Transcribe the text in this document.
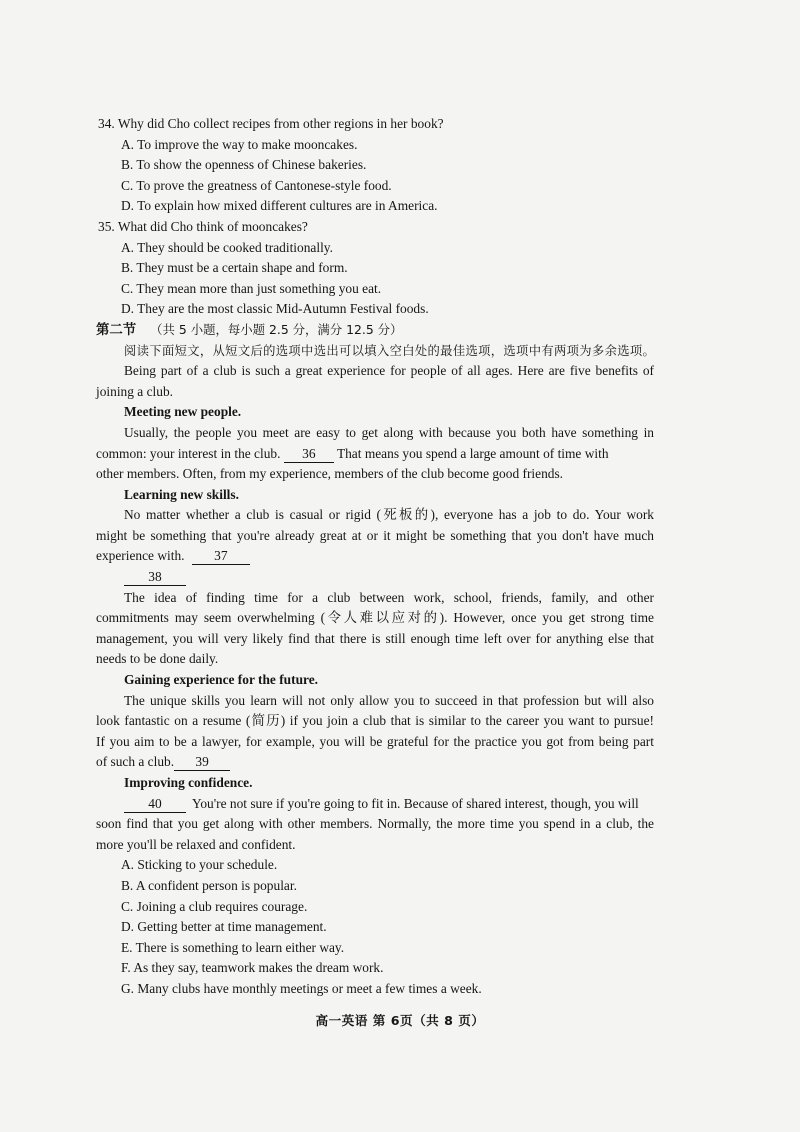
34. Why did Cho collect recipes from other regions in her book?
A. To improve the way to make mooncakes.
B. To show the openness of Chinese bakeries.
C. To prove the greatness of Cantonese-style food.
D. To explain how mixed different cultures are in America.
35. What did Cho think of mooncakes?
A. They should be cooked traditionally.
B. They must be a certain shape and form.
C. They mean more than just something you eat.
D. They are the most classic Mid-Autumn Festival foods.
第二节 （共 5 小题，每小题 2.5 分，满分 12.5 分）
阅读下面短文，从短文后的选项中选出可以填入空白处的最佳选项，选项中有两项为多余选项。
Being part of a club is such a great experience for people of all ages. Here are five benefits of
joining a club.
Meeting new people.
Usually, the people you meet are easy to get along with because you both have something in
common: your interest in the club. 36 That means you spend a large amount of time with
other members. Often, from my experience, members of the club become good friends.
Learning new skills.
No matter whether a club is casual or rigid (死板的), everyone has a job to do. Your work
might be something that you're already great at or it might be something that you don't have much
experience with. 37
38
The idea of finding time for a club between work, school, friends, family, and other
commitments may seem overwhelming (令人难以应对的). However, once you get strong time
management, you will very likely find that there is still enough time left over for anything else that
needs to be done daily.
Gaining experience for the future.
The unique skills you learn will not only allow you to succeed in that profession but will also
look fantastic on a resume (简历) if you join a club that is similar to the career you want to pursue!
If you aim to be a lawyer, for example, you will be grateful for the practice you got from being part
of such a club. 39
Improving confidence.
40 You're not sure if you're going to fit in. Because of shared interest, though, you will
soon find that you get along with other members. Normally, the more time you spend in a club, the
more you'll be relaxed and confident.
A. Sticking to your schedule.
B. A confident person is popular.
C. Joining a club requires courage.
D. Getting better at time management.
E. There is something to learn either way.
F. As they say, teamwork makes the dream work.
G. Many clubs have monthly meetings or meet a few times a week.
高一英语 第 6页（共 8 页）
